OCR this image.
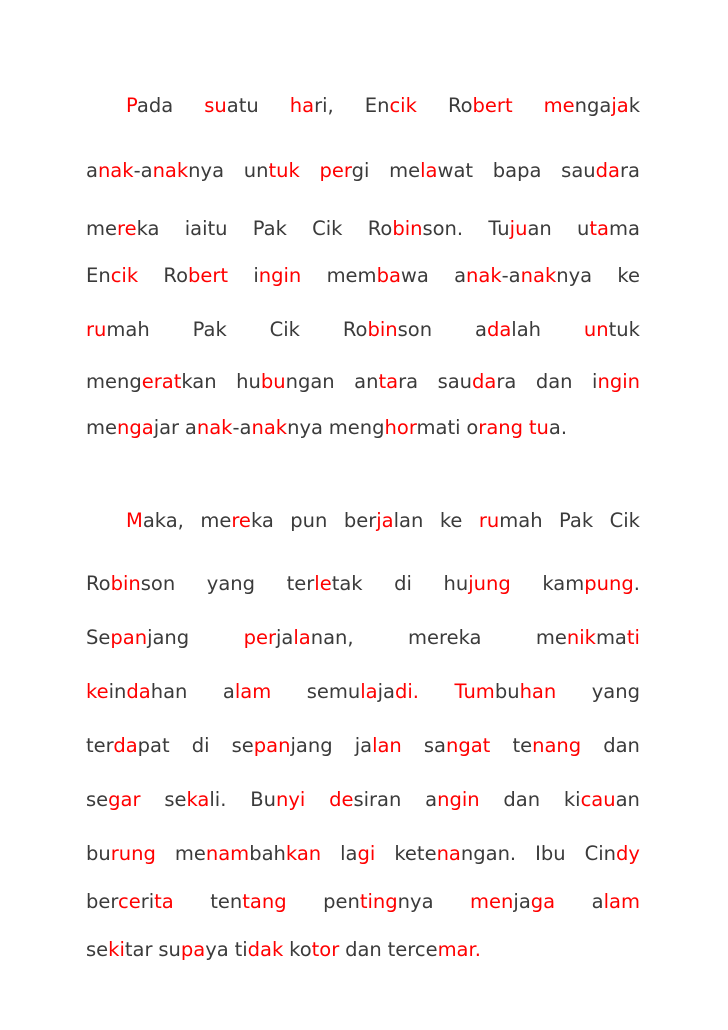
Pada suatu hari, Encik Robert mengajak
anak-anaknya untuk pergi melawat bapa saudara
mereka iaitu Pak Cik Robinson. Tujuan utama
Encik Robert ingin membawa anak-anaknya ke
rumah Pak Cik Robinson adalah untuk
mengeratkan hubungan antara saudara dan ingin
mengajar anak-anaknya menghormati orang tua.
Maka, mereka pun berjalan ke rumah Pak Cik
Robinson yang terletak di hujung kampung.
Sepanjang	perjalanan,	mereka	menikmati
keindahan alam semulajadi. Tumbuhan yang
terdapat di sepanjang jalan sangat tenang dan
segar sekali. Bunyi desiran angin dan kicauan
burung menambahkan lagi ketenangan. Ibu Cindy
bercerita tentang pentingnya menjaga alam
sekitar supaya tidak kotor dan tercemar.
